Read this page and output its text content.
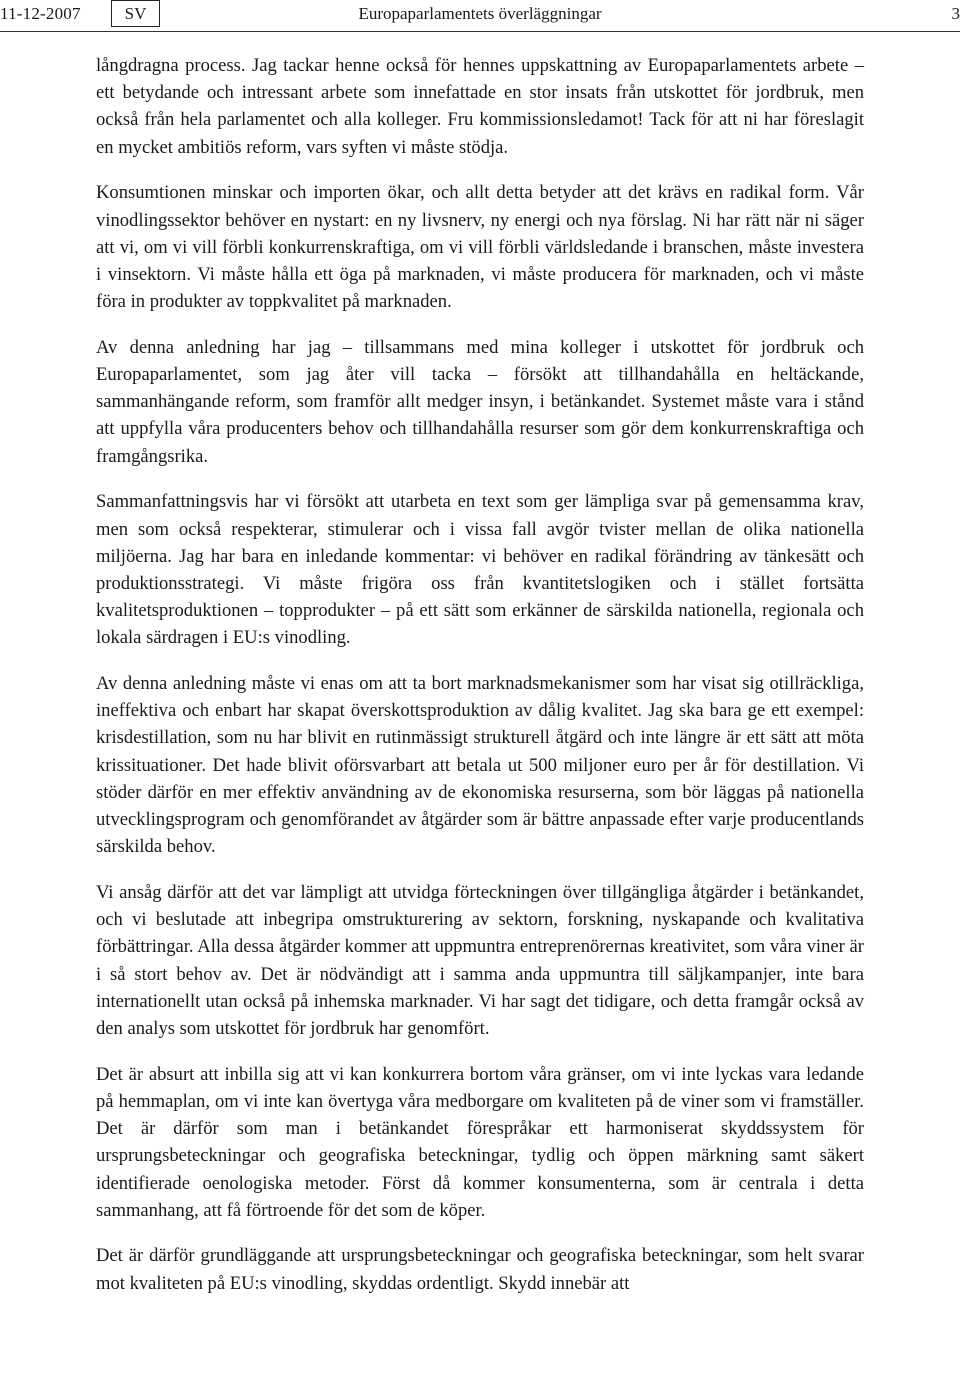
11-12-2007	SV	Europaparlamentets överläggningar	3

långdragna process. Jag tackar henne också för hennes uppskattning av Europaparlamentets arbete – ett betydande och intressant arbete som innefattade en stor insats från utskottet för jordbruk, men också från hela parlamentet och alla kolleger. Fru kommissionsledamot! Tack för att ni har föreslagit en mycket ambitiös reform, vars syften vi måste stödja.

Konsumtionen minskar och importen ökar, och allt detta betyder att det krävs en radikal form. Vår vinodlingssektor behöver en nystart: en ny livsnerv, ny energi och nya förslag. Ni har rätt när ni säger att vi, om vi vill förbli konkurrenskraftiga, om vi vill förbli världsledande i branschen, måste investera i vinsektorn. Vi måste hålla ett öga på marknaden, vi måste producera för marknaden, och vi måste föra in produkter av toppkvalitet på marknaden.

Av denna anledning har jag – tillsammans med mina kolleger i utskottet för jordbruk och Europaparlamentet, som jag åter vill tacka – försökt att tillhandahålla en heltäckande, sammanhängande reform, som framför allt medger insyn, i betänkandet. Systemet måste vara i stånd att uppfylla våra producenters behov och tillhandahålla resurser som gör dem konkurrenskraftiga och framgångsrika.

Sammanfattningsvis har vi försökt att utarbeta en text som ger lämpliga svar på gemensamma krav, men som också respekterar, stimulerar och i vissa fall avgör tvister mellan de olika nationella miljöerna. Jag har bara en inledande kommentar: vi behöver en radikal förändring av tänkesätt och produktionsstrategi. Vi måste frigöra oss från kvantitetslogiken och i stället fortsätta kvalitetsproduktionen – topprodukter – på ett sätt som erkänner de särskilda nationella, regionala och lokala särdragen i EU:s vinodling.

Av denna anledning måste vi enas om att ta bort marknadsmekanismer som har visat sig otillräckliga, ineffektiva och enbart har skapat överskottsproduktion av dålig kvalitet. Jag ska bara ge ett exempel: krisdestillation, som nu har blivit en rutinmässigt strukturell åtgärd och inte längre är ett sätt att möta krissituationer. Det hade blivit oförsvarbart att betala ut 500 miljoner euro per år för destillation. Vi stöder därför en mer effektiv användning av de ekonomiska resurserna, som bör läggas på nationella utvecklingsprogram och genomförandet av åtgärder som är bättre anpassade efter varje producentlands särskilda behov.

Vi ansåg därför att det var lämpligt att utvidga förteckningen över tillgängliga åtgärder i betänkandet, och vi beslutade att inbegripa omstrukturering av sektorn, forskning, nyskapande och kvalitativa förbättringar. Alla dessa åtgärder kommer att uppmuntra entreprenörernas kreativitet, som våra viner är i så stort behov av. Det är nödvändigt att i samma anda uppmuntra till säljkampanjer, inte bara internationellt utan också på inhemska marknader. Vi har sagt det tidigare, och detta framgår också av den analys som utskottet för jordbruk har genomfört.

Det är absurt att inbilla sig att vi kan konkurrera bortom våra gränser, om vi inte lyckas vara ledande på hemmaplan, om vi inte kan övertyga våra medborgare om kvaliteten på de viner som vi framställer. Det är därför som man i betänkandet förespråkar ett harmoniserat skyddssystem för ursprungsbeteckningar och geografiska beteckningar, tydlig och öppen märkning samt säkert identifierade oenologiska metoder. Först då kommer konsumenterna, som är centrala i detta sammanhang, att få förtroende för det som de köper.

Det är därför grundläggande att ursprungsbeteckningar och geografiska beteckningar, som helt svarar mot kvaliteten på EU:s vinodling, skyddas ordentligt. Skydd innebär att
